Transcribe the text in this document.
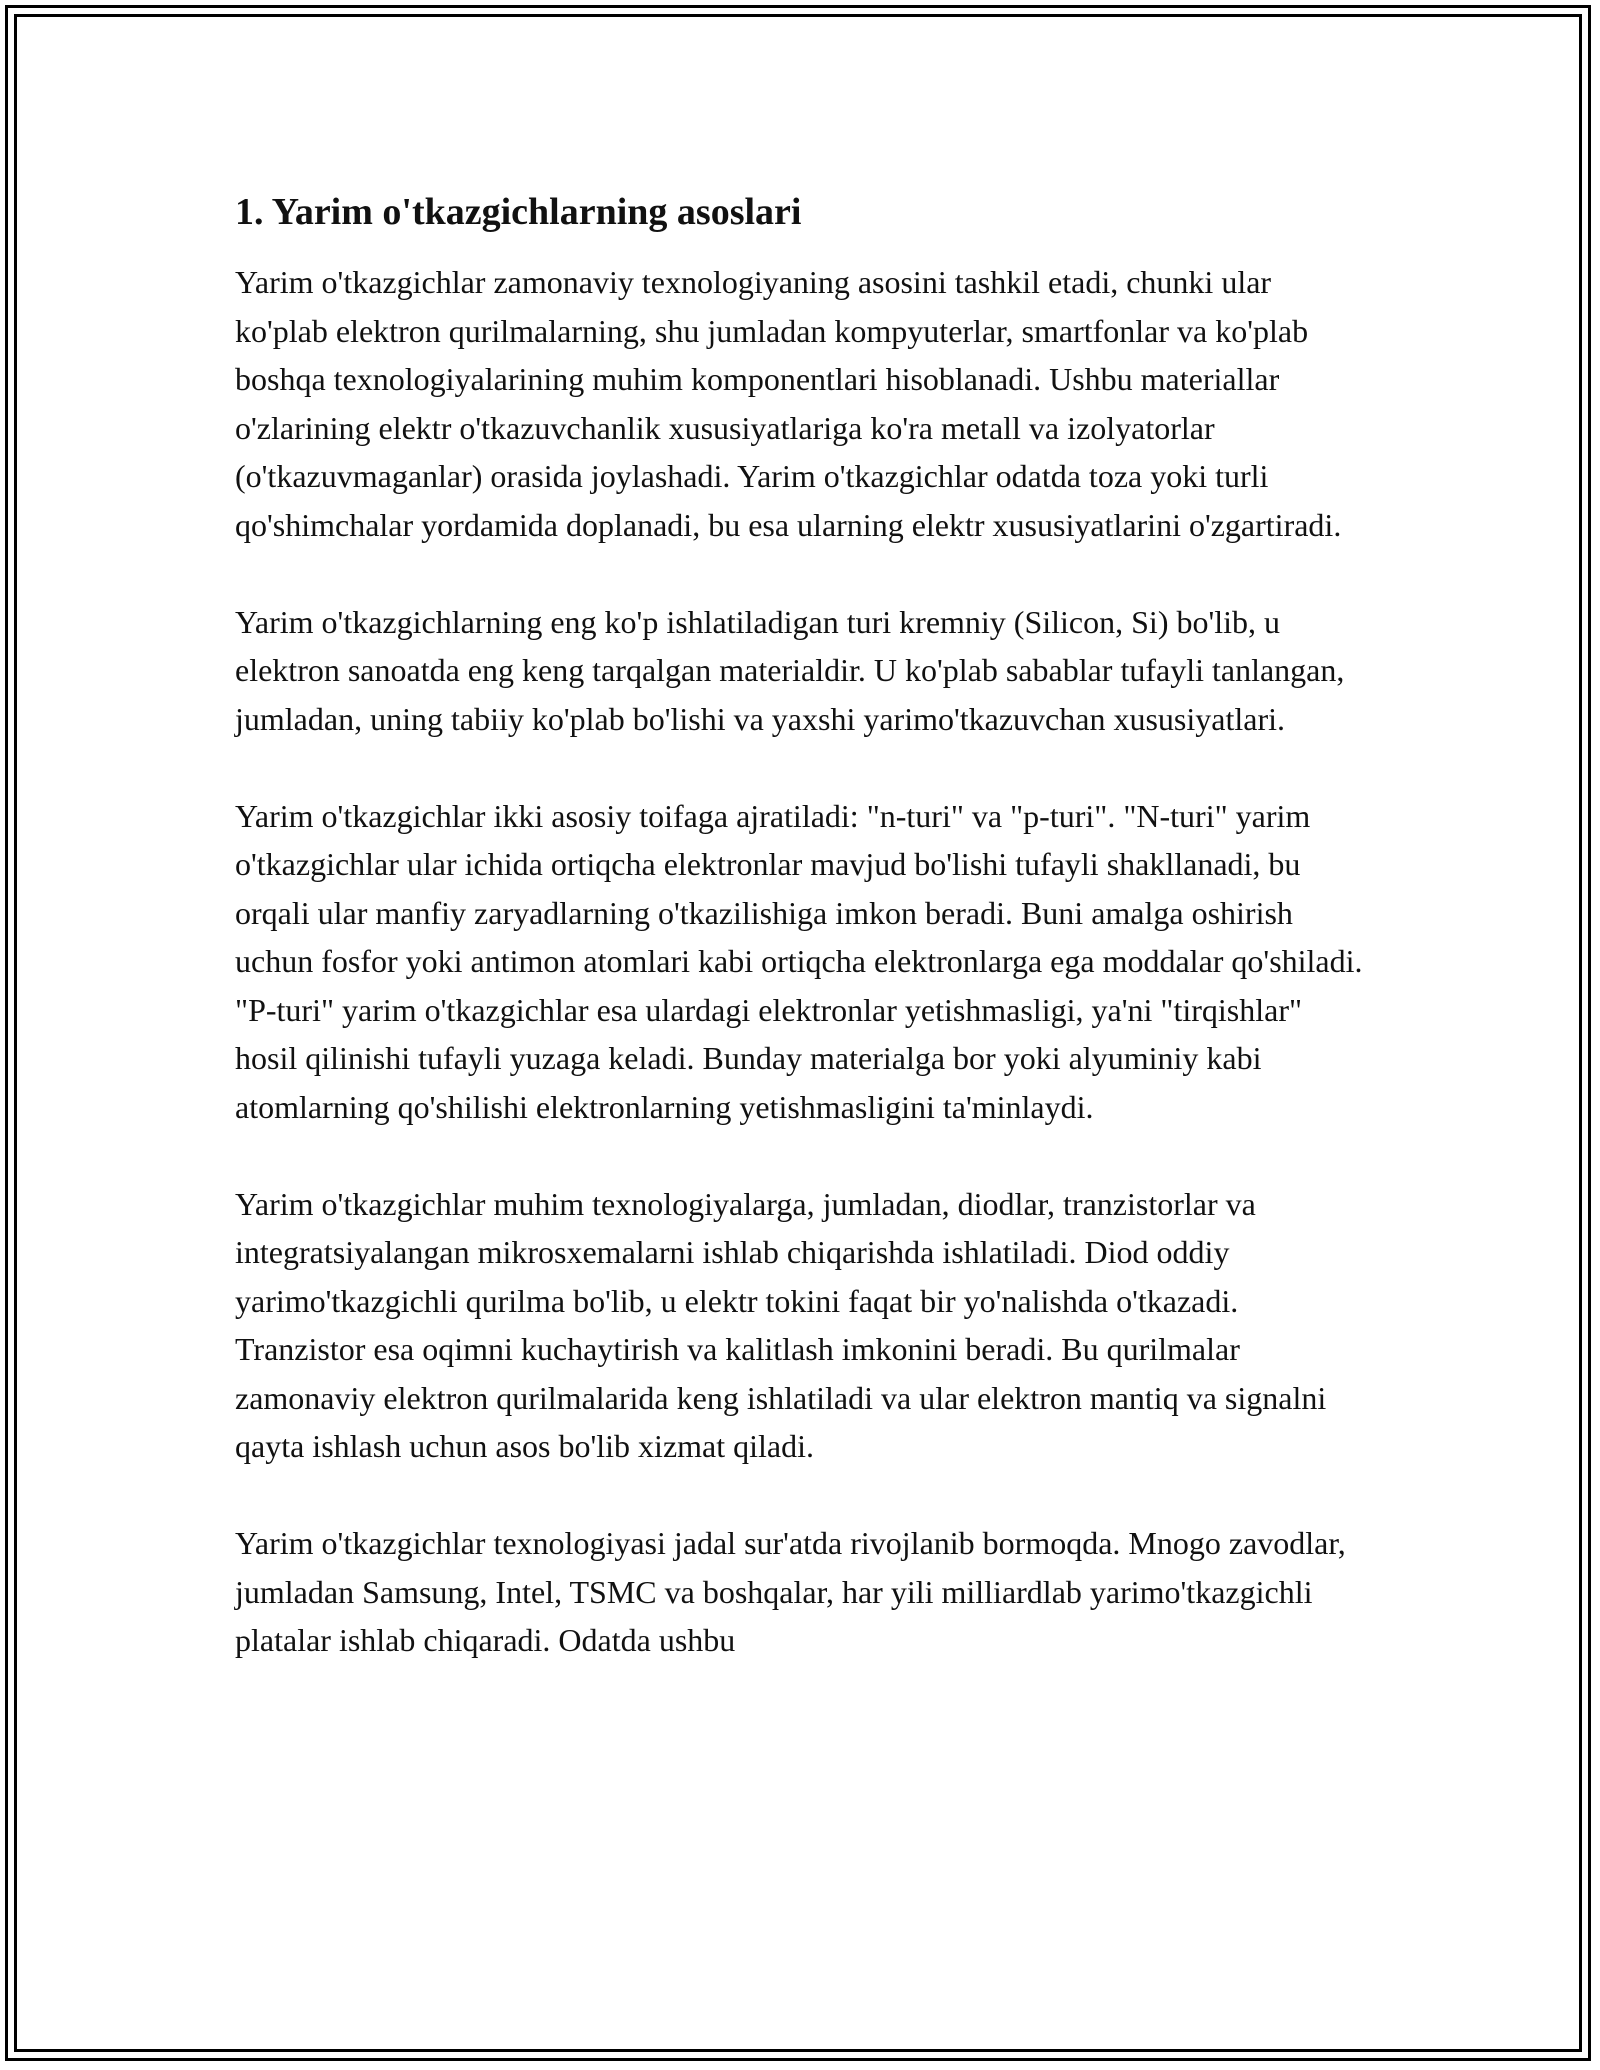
1. Yarim o'tkazgichlarning asoslari

Yarim o'tkazgichlar zamonaviy texnologiyaning asosini tashkil etadi, chunki ular ko'plab elektron qurilmalarning, shu jumladan kompyuterlar, smartfonlar va ko'plab boshqa texnologiyalarining muhim komponentlari hisoblanadi. Ushbu materiallar o'zlarining elektr o'tkazuvchanlik xususiyatlariga ko'ra metall va izolyatorlar (o'tkazuvmaganlar) orasida joylashadi. Yarim o'tkazgichlar odatda toza yoki turli qo'shimchalar yordamida doplanadi, bu esa ularning elektr xususiyatlarini o'zgartiradi.

Yarim o'tkazgichlarning eng ko'p ishlatiladigan turi kremniy (Silicon, Si) bo'lib, u elektron sanoatda eng keng tarqalgan materialdir. U ko'plab sabablar tufayli tanlangan, jumladan, uning tabiiy ko'plab bo'lishi va yaxshi yarimo'tkazuvchan xususiyatlari.

Yarim o'tkazgichlar ikki asosiy toifaga ajratiladi: "n-turi" va "p-turi". "N-turi" yarim o'tkazgichlar ular ichida ortiqcha elektronlar mavjud bo'lishi tufayli shakllanadi, bu orqali ular manfiy zaryadlarning o'tkazilishiga imkon beradi. Buni amalga oshirish uchun fosfor yoki antimon atomlari kabi ortiqcha elektronlarga ega moddalar qo'shiladi. "P-turi" yarim o'tkazgichlar esa ulardagi elektronlar yetishmasligi, ya'ni "tirqishlar" hosil qilinishi tufayli yuzaga keladi. Bunday materialga bor yoki alyuminiy kabi atomlarning qo'shilishi elektronlarning yetishmasligini ta'minlaydi.

Yarim o'tkazgichlar muhim texnologiyalarga, jumladan, diodlar, tranzistorlar va integratsiyalangan mikrosxemalarni ishlab chiqarishda ishlatiladi. Diod oddiy yarimo'tkazgichli qurilma bo'lib, u elektr tokini faqat bir yo'nalishda o'tkazadi. Tranzistor esa oqimni kuchaytirish va kalitlash imkonini beradi. Bu qurilmalar zamonaviy elektron qurilmalarida keng ishlatiladi va ular elektron mantiq va signalni qayta ishlash uchun asos bo'lib xizmat qiladi.

Yarim o'tkazgichlar texnologiyasi jadal sur'atda rivojlanib bormoqda. Mnogo zavodlar, jumladan Samsung, Intel, TSMC va boshqalar, har yili milliardlab yarimo'tkazgichli platalar ishlab chiqaradi. Odatda ushbu
